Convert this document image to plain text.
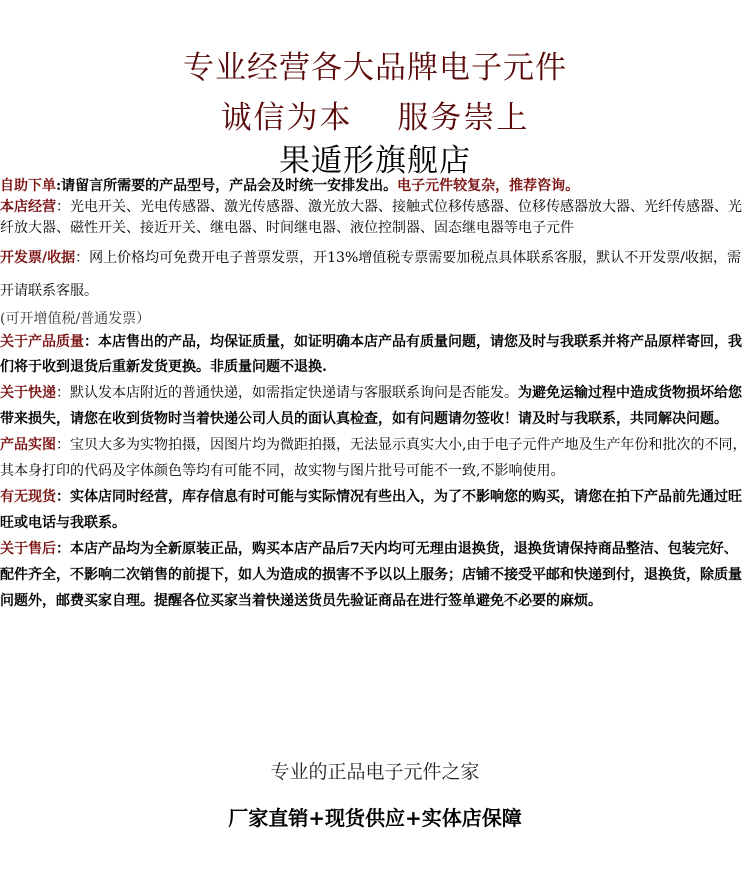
专业经营各大品牌电子元件
诚信为本　 服务崇上
果遁形旗舰店

自助下单:请留言所需要的产品型号，产品会及时统一安排发出。电子元件较复杂，推荐咨询。

本店经营：光电开关、光电传感器、激光传感器、激光放大器、接触式位移传感器、位移传感器放大器、光纤传感器、光纤放大器、磁性开关、接近开关、继电器、时间继电器、液位控制器、固态继电器等电子元件

开发票/收据：网上价格均可免费开电子普票发票，开13%增值税专票需要加税点具体联系客服，默认不开发票/收据，需开请联系客服。

(可开增值税/普通发票）

关于产品质量：本店售出的产品，均保证质量，如证明确本店产品有质量问题，请您及时与我联系并将产品原样寄回，我们将于收到退货后重新发货更换。非质量问题不退换.

关于快递：默认发本店附近的普通快递，如需指定快递请与客服联系询问是否能发。为避免运输过程中造成货物损坏给您带来损失，请您在收到货物时当着快递公司人员的面认真检查，如有问题请勿签收！请及时与我联系，共同解决问题。

产品实图：宝贝大多为实物拍摄，因图片均为微距拍摄，无法显示真实大小,由于电子元件产地及生产年份和批次的不同，其本身打印的代码及字体颜色等均有可能不同，故实物与图片批号可能不一致,不影响使用。

有无现货：实体店同时经营，库存信息有时可能与实际情况有些出入，为了不影响您的购买，请您在拍下产品前先通过旺旺或电话与我联系。

关于售后：本店产品均为全新原装正品，购买本店产品后7天内均可无理由退换货，退换货请保持商品整洁、包装完好、配件齐全，不影响二次销售的前提下，如人为造成的损害不予以以上服务；店铺不接受平邮和快递到付，退换货，除质量问题外，邮费买家自理。提醒各位买家当着快递送货员先验证商品在进行签单避免不必要的麻烦。

专业的正品电子元件之家
厂家直销+现货供应+实体店保障
